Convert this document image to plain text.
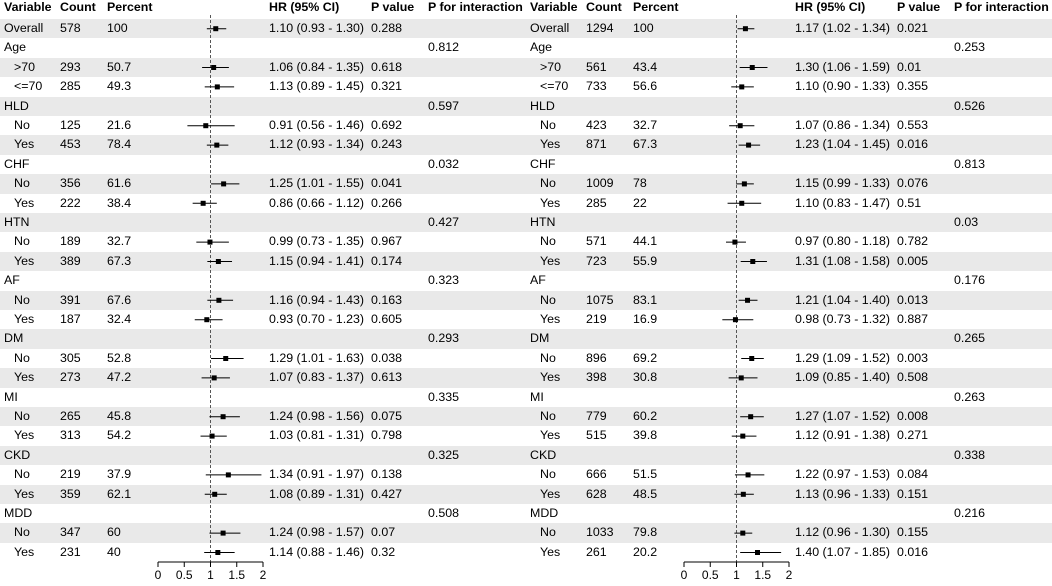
Variable Count Percent	HR (95% CI)	P value P for interaction
Overall 578 100	1.10 (0.93 - 1.30) 0.288
Age	0.812
>70 293 50.7	1.06 (0.84 - 1.35) 0.618
<=70 285 49.3	1.13 (0.89 - 1.45) 0.321
HLD	0.597
No 125 21.6	0.91 (0.56 - 1.46) 0.692
Yes 453 78.4	1.12 (0.93 - 1.34) 0.243
CHF	0.032
No 356 61.6	1.25 (1.01 - 1.55) 0.041
Yes 222 38.4	0.86 (0.66 - 1.12) 0.266
HTN	0.427
No 189 32.7	0.99 (0.73 - 1.35) 0.967
Yes 389 67.3	1.15 (0.94 - 1.41) 0.174
AF	0.323
No 391 67.6	1.16 (0.94 - 1.43) 0.163
Yes 187 32.4	0.93 (0.70 - 1.23) 0.605
DM	0.293
No 305 52.8	1.29 (1.01 - 1.63) 0.038
Yes 273 47.2	1.07 (0.83 - 1.37) 0.613
MI	0.335
No 265 45.8	1.24 (0.98 - 1.56) 0.075
Yes 313 54.2	1.03 (0.81 - 1.31) 0.798
CKD	0.325
No 219 37.9	1.34 (0.91 - 1.97) 0.138
Yes 359 62.1	1.08 (0.89 - 1.31) 0.427
MDD	0.508
No 347 60	1.24 (0.98 - 1.57) 0.07
Yes 231 40	1.14 (0.88 - 1.46) 0.32
0 0.5 1 1.5 2
Variable Count Percent	HR (95% CI)	P value P for interaction
Overall 1294 100	1.17 (1.02 - 1.34) 0.021
Age	0.253
>70 561 43.4	1.30 (1.06 - 1.59) 0.01
<=70 733 56.6	1.10 (0.90 - 1.33) 0.355
HLD	0.526
No 423 32.7	1.07 (0.86 - 1.34) 0.553
Yes 871 67.3	1.23 (1.04 - 1.45) 0.016
CHF	0.813
No 1009 78	1.15 (0.99 - 1.33) 0.076
Yes 285 22	1.10 (0.83 - 1.47) 0.51
HTN	0.03
No 571 44.1	0.97 (0.80 - 1.18) 0.782
Yes 723 55.9	1.31 (1.08 - 1.58) 0.005
AF	0.176
No 1075 83.1	1.21 (1.04 - 1.40) 0.013
Yes 219 16.9	0.98 (0.73 - 1.32) 0.887
DM	0.265
No 896 69.2	1.29 (1.09 - 1.52) 0.003
Yes 398 30.8	1.09 (0.85 - 1.40) 0.508
MI	0.263
No 779 60.2	1.27 (1.07 - 1.52) 0.008
Yes 515 39.8	1.12 (0.91 - 1.38) 0.271
CKD	0.338
No 666 51.5	1.22 (0.97 - 1.53) 0.084
Yes 628 48.5	1.13 (0.96 - 1.33) 0.151
MDD	0.216
No 1033 79.8	1.12 (0.96 - 1.30) 0.155
Yes 261 20.2	1.40 (1.07 - 1.85) 0.016
0 0.5 1 1.5 2
